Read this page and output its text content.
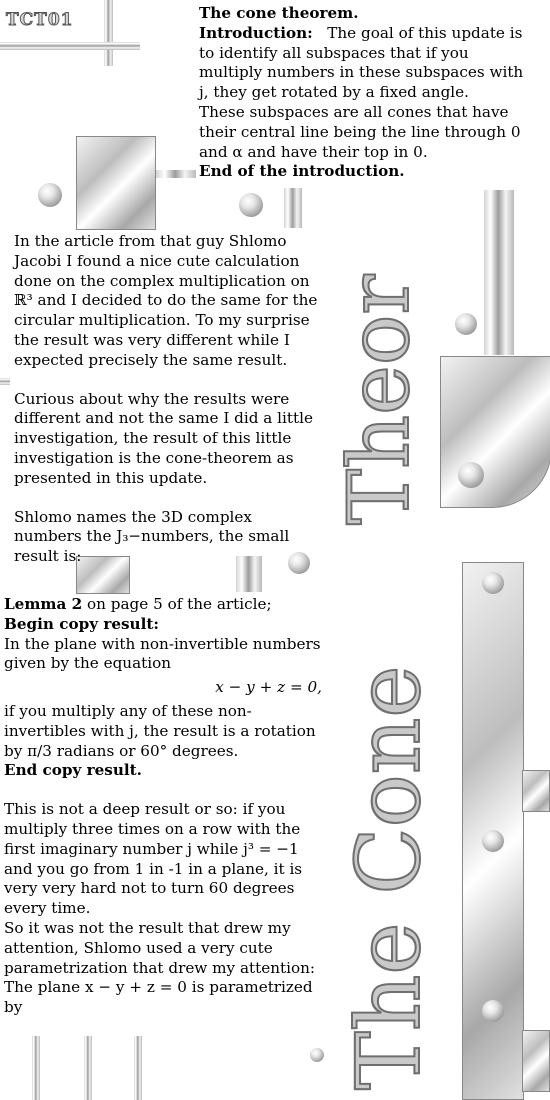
TCT01
Theor
The Cone

The cone theorem.

Introduction: The goal of this update is to identify all subspaces that if you multiply numbers in these subspaces with j, they get rotated by a fixed angle.

These subspaces are all cones that have their central line being the line through 0 and α and have their top in 0.

End of the introduction.

In the article from that guy Shlomo Jacobi I found a nice cute calculation done on the complex multiplication on ℝ³ and I decided to do the same for the circular multiplication. To my surprise the result was very different while I expected precisely the same result.

Curious about why the results were different and not the same I did a little investigation, the result of this little investigation is the cone-theorem as presented in this update.

Shlomo names the 3D complex numbers the J₃−numbers, the small result is:

Lemma 2 on page 5 of the article;

Begin copy result:

In the plane with non-invertible numbers given by the equation

x − y + z = 0,

if you multiply any of these non-invertibles with j, the result is a rotation by π/3 radians or 60° degrees.

End copy result.

This is not a deep result or so: if you multiply three times on a row with the first imaginary number j while j³ = −1 and you go from 1 in -1 in a plane, it is very very hard not to turn 60 degrees every time.

So it was not the result that drew my attention, Shlomo used a very cute parametrization that drew my attention:

The plane x − y + z = 0 is parametrized by
